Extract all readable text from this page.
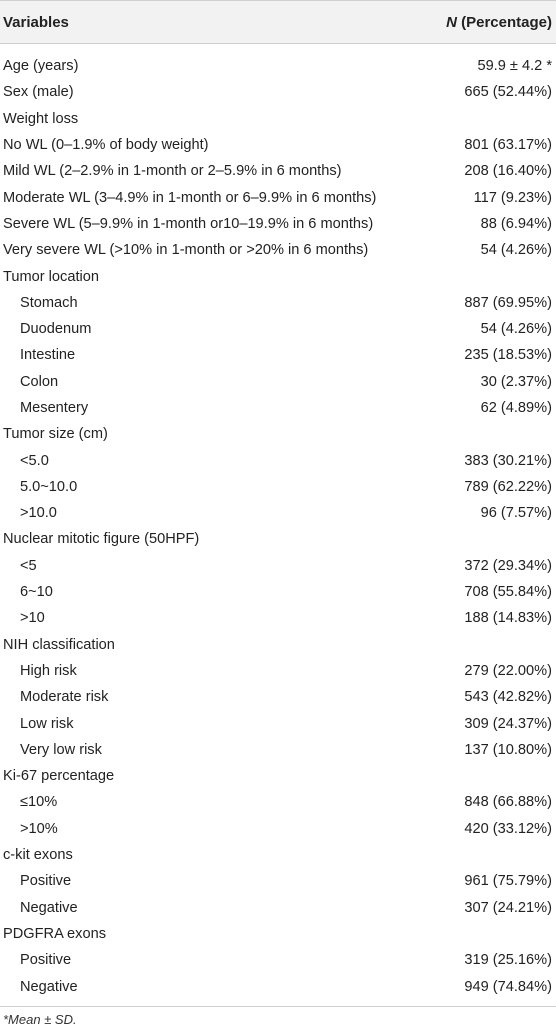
Variables	N (Percentage)
Age (years)	59.9 ± 4.2 *
Sex (male)	665 (52.44%)
Weight loss
No WL (0–1.9% of body weight)	801 (63.17%)
Mild WL (2–2.9% in 1-month or 2–5.9% in 6 months)	208 (16.40%)
Moderate WL (3–4.9% in 1-month or 6–9.9% in 6 months)	117 (9.23%)
Severe WL (5–9.9% in 1-month or10–19.9% in 6 months)	88 (6.94%)
Very severe WL (>10% in 1-month or >20% in 6 months)	54 (4.26%)
Tumor location
Stomach	887 (69.95%)
Duodenum	54 (4.26%)
Intestine	235 (18.53%)
Colon	30 (2.37%)
Mesentery	62 (4.89%)
Tumor size (cm)
<5.0	383 (30.21%)
5.0~10.0	789 (62.22%)
>10.0	96 (7.57%)
Nuclear mitotic figure (50HPF)
<5	372 (29.34%)
6~10	708 (55.84%)
>10	188 (14.83%)
NIH classification
High risk	279 (22.00%)
Moderate risk	543 (42.82%)
Low risk	309 (24.37%)
Very low risk	137 (10.80%)
Ki-67 percentage
≤10%	848 (66.88%)
>10%	420 (33.12%)
c-kit exons
Positive	961 (75.79%)
Negative	307 (24.21%)
PDGFRA exons
Positive	319 (25.16%)
Negative	949 (74.84%)
*Mean ± SD.
